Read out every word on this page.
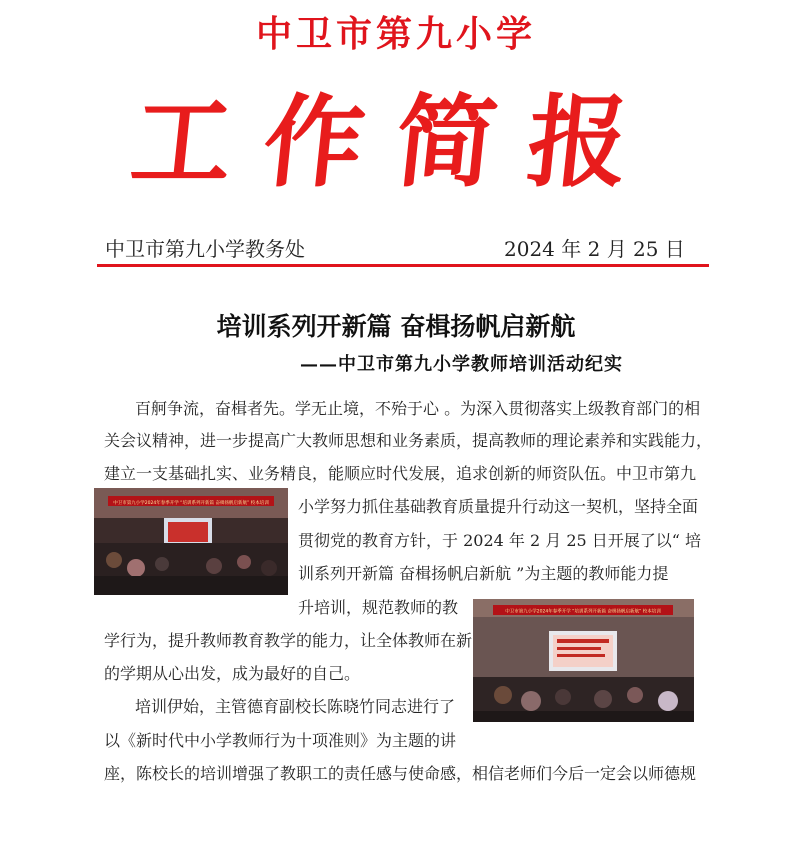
中卫市第九小学
工作简报
中卫市第九小学教务处	2024 年 2 月 25 日
培训系列开新篇 奋楫扬帆启新航
——中卫市第九小学教师培训活动纪实
百舸争流，奋楫者先。学无止境，不殆于心 。为深入贯彻落实上级教育部门的相
关会议精神，进一步提高广大教师思想和业务素质，提高教师的理论素养和实践能力，
建立一支基础扎实、业务精良，能顺应时代发展，追求创新的师资队伍。中卫市第九
小学努力抓住基础教育质量提升行动这一契机，坚持全面
贯彻党的教育方针，于 2024 年 2 月 25 日开展了以“ 培
训系列开新篇 奋楫扬帆启新航 ”为主题的教师能力提
升培训，规范教师的教
学行为，提升教师教育教学的能力，让全体教师在新
的学期从心出发，成为最好的自己。
培训伊始，主管德育副校长陈晓竹同志进行了
以《新时代中小学教师行为十项准则》为主题的讲
座，陈校长的培训增强了教职工的责任感与使命感，相信老师们今后一定会以师德规
中卫市第九小学2024年春季开学 “培训系列开新篇 奋楫扬帆启新航” 校本培训
中卫市第九小学2024年春季开学 “培训系列开新篇 奋楫扬帆启新航” 校本培训
